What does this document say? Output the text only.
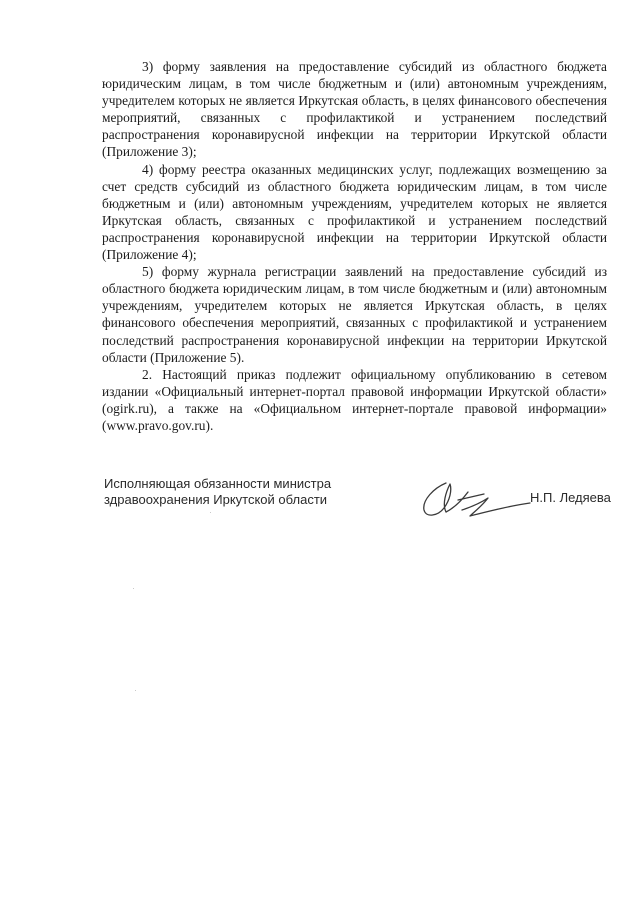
3) форму заявления на предоставление субсидий из областного бюджета юридическим лицам, в том числе бюджетным и (или) автономным учреждениям, учредителем которых не является Иркутская область, в целях финансового обеспечения мероприятий, связанных с профилактикой и устранением последствий распространения коронавирусной инфекции на территории Иркутской области (Приложение 3);

4) форму реестра оказанных медицинских услуг, подлежащих возмещению за счет средств субсидий из областного бюджета юридическим лицам, в том числе бюджетным и (или) автономным учреждениям, учредителем которых не является Иркутская область, связанных с профилактикой и устранением последствий распространения коронавирусной инфекции на территории Иркутской области (Приложение 4);

5) форму журнала регистрации заявлений на предоставление субсидий из областного бюджета юридическим лицам, в том числе бюджетным и (или) автономным учреждениям, учредителем которых не является Иркутская область, в целях финансового обеспечения мероприятий, связанных с профилактикой и устранением последствий распространения коронавирусной инфекции на территории Иркутской области (Приложение 5).

2. Настоящий приказ подлежит официальному опубликованию в сетевом издании «Официальный интернет-портал правовой информации Иркутской области» (ogirk.ru), а также на «Официальном интернет-портале правовой информации» (www.pravo.gov.ru).

Исполняющая обязанности министра
здравоохранения Иркутской области	Н.П. Ледяева
